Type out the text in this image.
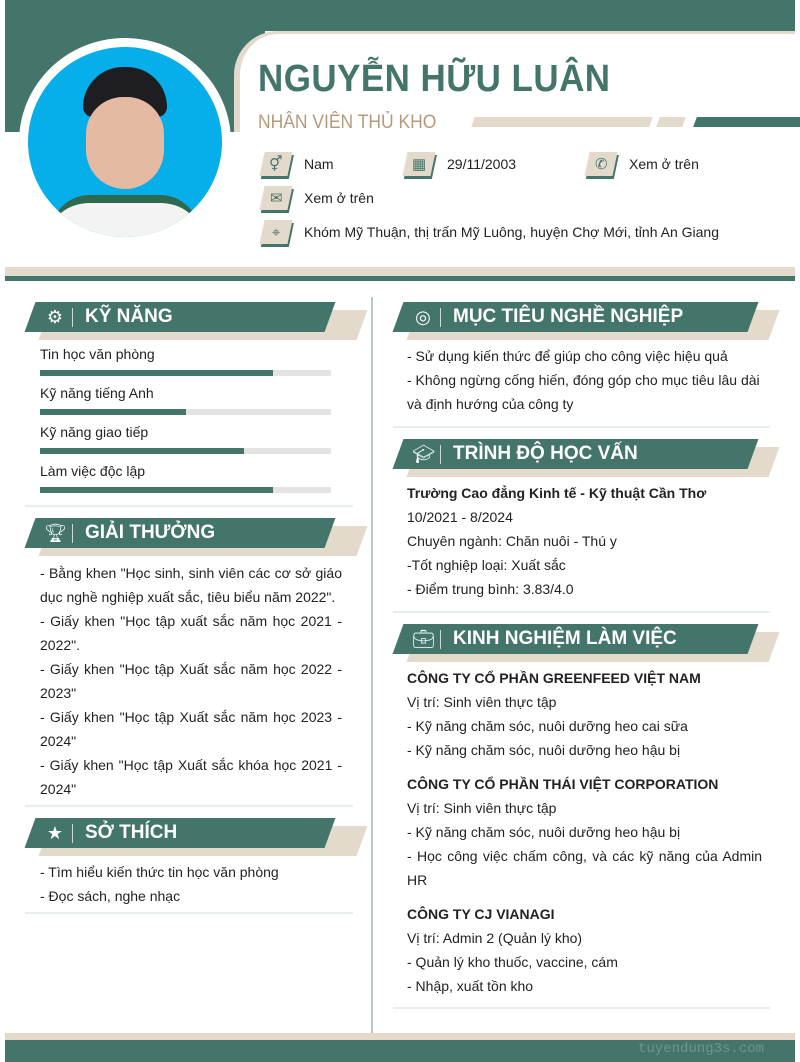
NGUYỄN HỮU LUÂN
NHÂN VIÊN THỦ KHO
⚥ Nam	▦ 29/11/2003	✆ Xem ở trên
✉ Xem ở trên
⌖ Khóm Mỹ Thuận, thị trấn Mỹ Luông, huyện Chợ Mới, tỉnh An Giang
⚙ KỸ NĂNG
Tin học văn phòng
Kỹ năng tiếng Anh
Kỹ năng giao tiếp
Làm việc độc lập
🏆︎ GIẢI THƯỞNG
- Bằng khen "Học sinh, sinh viên các cơ sở giáo dục nghề nghiệp xuất sắc, tiêu biểu năm 2022".
- Giấy khen "Học tập xuất sắc năm học 2021 - 2022".
- Giấy khen "Học tập Xuất sắc năm học 2022 - 2023"
- Giấy khen "Học tập Xuất sắc năm học 2023 - 2024"
- Giấy khen "Học tập Xuất sắc khóa học 2021 - 2024"
★ SỞ THÍCH
- Tìm hiểu kiến thức tin học văn phòng
- Đọc sách, nghe nhạc
◎ MỤC TIÊU NGHỀ NGHIỆP
- Sử dụng kiến thức để giúp cho công việc hiệu quả
- Không ngừng cống hiến, đóng góp cho mục tiêu lâu dài và định hướng của công ty
🎓︎ TRÌNH ĐỘ HỌC VẤN
Trường Cao đẳng Kinh tế - Kỹ thuật Cần Thơ
10/2021 - 8/2024
Chuyên ngành: Chăn nuôi - Thú y
-Tốt nghiệp loại: Xuất sắc
- Điểm trung bình: 3.83/4.0
💼︎ KINH NGHIỆM LÀM VIỆC
CÔNG TY CỔ PHẦN GREENFEED VIỆT NAM
Vị trí: Sinh viên thực tập
- Kỹ năng chăm sóc, nuôi dưỡng heo cai sữa
- Kỹ năng chăm sóc, nuôi dưỡng heo hậu bị
CÔNG TY CỔ PHẦN THÁI VIỆT CORPORATION
Vị trí: Sinh viên thực tập
- Kỹ năng chăm sóc, nuôi dưỡng heo hậu bị
- Học công việc chấm công, và các kỹ năng của Admin HR
CÔNG TY CJ VIANAGI
Vị trí: Admin 2 (Quản lý kho)
- Quản lý kho thuốc, vaccine, cám
- Nhập, xuất tồn kho
tuyendung3s.com
